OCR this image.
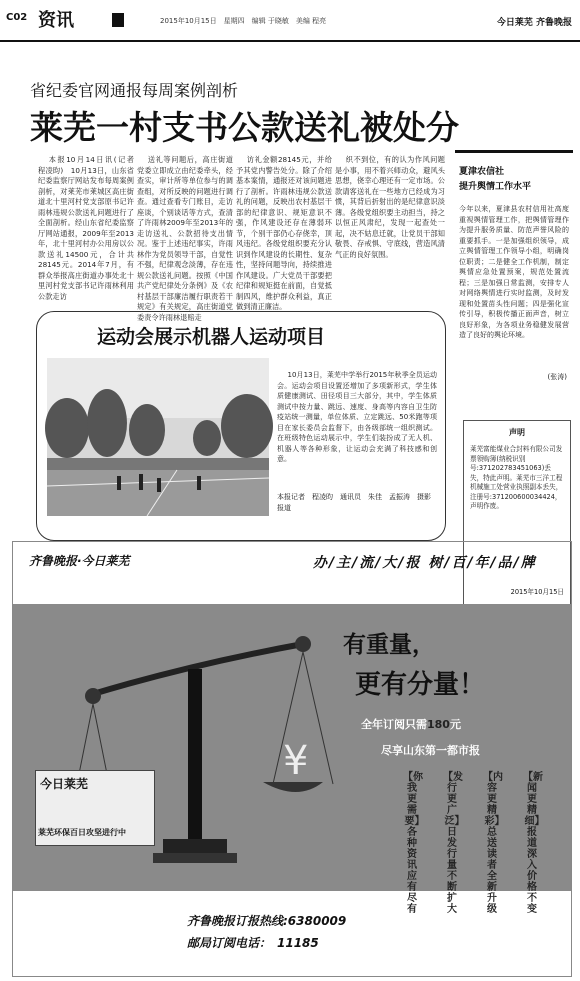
C02 资讯	2015年10月15日　星期四　编辑 于晓敏　美编 程亮	今日莱芜 齐鲁晚报
省纪委官网通报每周案例剖析
莱芜一村支书公款送礼被处分

本报10月14日讯(记者　程凌昀)　10月13日，山东省纪委监察厅网站发布每周案例剖析，对莱芜市莱城区高庄街道北十里河村党支部原书记许雨林违规公款送礼问题进行了全面剖析。经山东省纪委监察厅网站通报，2009年至2013年，北十里河村办公用房以公款送礼14500元，合计共28145元。2014年7月，有群众举报高庄街道办事处北十里河村党支部书记许雨林利用公款走访

送礼等问题后，高庄街道党委立即成立由纪委牵头，经查实，审计所等单位参与的调查组，对所反映的问题进行调查。通过查看专门账目，走访座谈，个别谈话等方式，查清了许雨林2009年至2013年的走访送礼、公款招待支出情况。鉴于上述违纪事实，许雨林作为党员领导干部，自觉性不强，纪律观念淡薄，存在违规公款送礼问题。按照《中国共产党纪律处分条例》及《农村基层干部廉洁履行职责若干规定》有关规定，高庄街道党委责令许雨林退赔走

访礼金额28145元，并给予其党内警告处分。除了介绍基本案情，通报还对该问题进行了剖析。许雨林违规公款送礼的问题，反映出农村基层干部的纪律意识、规矩意识不强，作风建设还存在薄弱环节，个别干部仍心存侥幸，顶风违纪。各级党组织要充分认识到作风建设的长期性、复杂性，坚持问题导向，持续推进作风建设。广大党员干部要把纪律和规矩挺在前面，自觉抵制四风，维护群众利益，真正做到清正廉洁。

织不到位，有的认为作风问题是小事，用不着兴师动众，避风头思想，侥幸心理还有一定市场。公款请客送礼在一些地方已经成为习惯，其背后折射出的是纪律意识淡薄。各级党组织要主动担当，持之以恒正风肃纪，发现一起查处一起，决不姑息迁就，让党员干部知敬畏、存戒惧、守底线，营造风清气正的良好氛围。

夏津农信社
提升舆情工作水平
今年以来，夏津县农村信用社高度重视舆情管理工作，把舆情管理作为提升服务质量、防范声誉风险的重要抓手。一是加强组织领导，成立舆情管理工作领导小组，明确岗位职责；二是健全工作机制，制定舆情应急处置预案，规范处置流程；三是加强日常监测，安排专人对网络舆情进行实时监测，及时发现和处置苗头性问题；四是强化宣传引导，积极传播正面声音，树立良好形象，为各项业务稳健发展营造了良好的舆论环境。
(张涛)
声明
莱芜富能煤业合封料有限公司发票领购簿(纳税识别号:371202783451063)丢失，特此声明。莱芜市三洋工程机械施工处营业执照副本丢失，注册号:371200600034424，声明作废。
2015年10月15日
运动会展示机器人运动项目

10月13日，莱芜中学举行2015年秋季全员运动会。运动会项目设置还增加了多项新形式，学生体质健康测试、田径项目三大部分，其中，学生体质测试中按力量、跳远、速度、身高等内容自卫生防疫站统一测量，单位体质、立定跳远、50米跑等项目在家长委员会监督下，由各级部统一组织测试。在班级特色运动展示中，学生们装扮成了无人机、机器人等各种形象，让运动会充满了科技感和创意。

本报记者　程凌昀　通讯员　朱佳　孟振涛　摄影报道
齐鲁晚报·今日莱芜	办/主/流/大/报 树/百/年/品/牌
¥
今日莱芜
莱芜环保百日攻坚进行中
有重量，
更有分量！
全年订阅只需180元
尽享山东第一都市报
【新闻更精细】报道深入 价格不变
【内容更精彩】总送读者 全新升级
【发行更广泛】日发行量不断扩大
【你我更需要】各种资讯 应有尽有
齐鲁晚报订报热线:6380009
邮局订阅电话：　11185
